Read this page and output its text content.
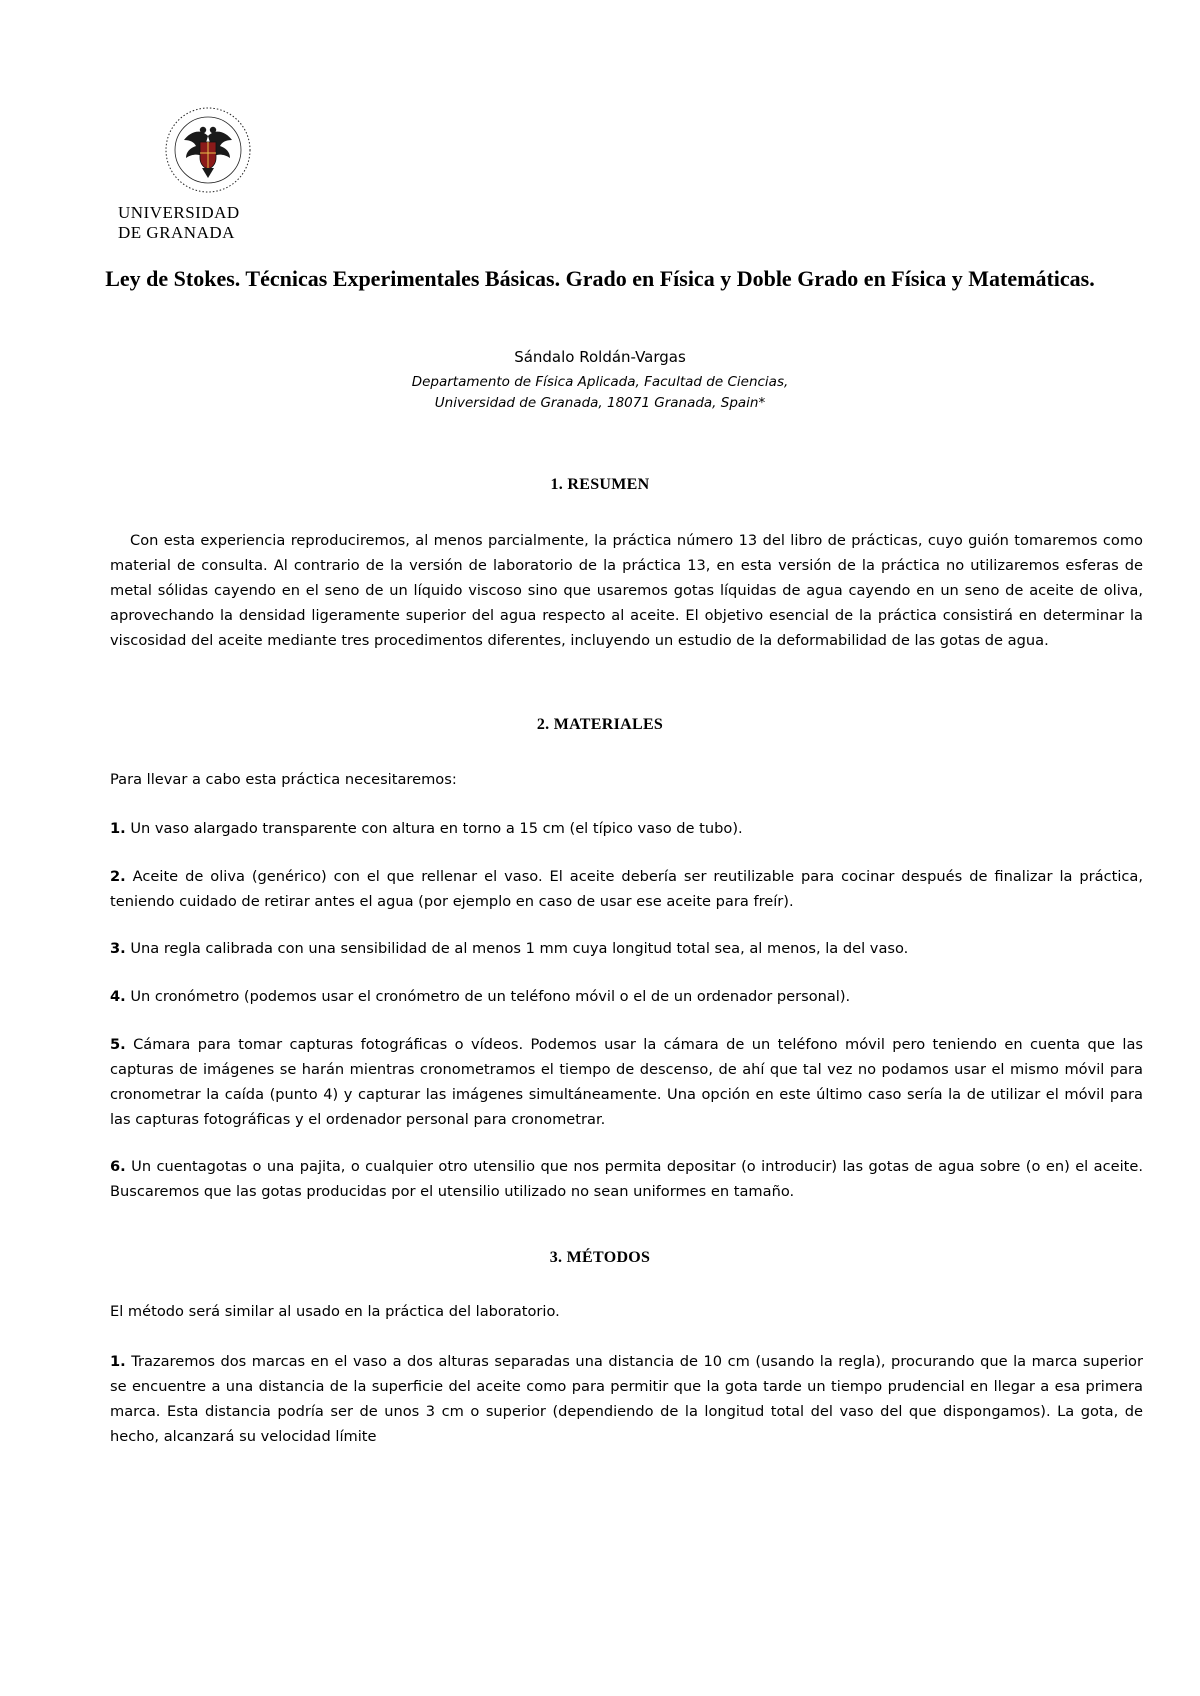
UNIVERSIDAD
DE GRANADA
Ley de Stokes. Técnicas Experimentales Básicas. Grado en Física y Doble Grado en Física y Matemáticas.
Sándalo Roldán-Vargas
Departamento de Física Aplicada, Facultad de Ciencias,
Universidad de Granada, 18071 Granada, Spain*
1. RESUMEN

Con esta experiencia reproduciremos, al menos parcialmente, la práctica número 13 del libro de prácticas, cuyo guión tomaremos como material de consulta. Al contrario de la versión de laboratorio de la práctica 13, en esta versión de la práctica no utilizaremos esferas de metal sólidas cayendo en el seno de un líquido viscoso sino que usaremos gotas líquidas de agua cayendo en un seno de aceite de oliva, aprovechando la densidad ligeramente superior del agua respecto al aceite. El objetivo esencial de la práctica consistirá en determinar la viscosidad del aceite mediante tres procedimentos diferentes, incluyendo un estudio de la deformabilidad de las gotas de agua.

2. MATERIALES

Para llevar a cabo esta práctica necesitaremos:

1. Un vaso alargado transparente con altura en torno a 15 cm (el típico vaso de tubo).

2. Aceite de oliva (genérico) con el que rellenar el vaso. El aceite debería ser reutilizable para cocinar después de finalizar la práctica, teniendo cuidado de retirar antes el agua (por ejemplo en caso de usar ese aceite para freír).

3. Una regla calibrada con una sensibilidad de al menos 1 mm cuya longitud total sea, al menos, la del vaso.

4. Un cronómetro (podemos usar el cronómetro de un teléfono móvil o el de un ordenador personal).

5. Cámara para tomar capturas fotográficas o vídeos. Podemos usar la cámara de un teléfono móvil pero teniendo en cuenta que las capturas de imágenes se harán mientras cronometramos el tiempo de descenso, de ahí que tal vez no podamos usar el mismo móvil para cronometrar la caída (punto 4) y capturar las imágenes simultáneamente. Una opción en este último caso sería la de utilizar el móvil para las capturas fotográficas y el ordenador personal para cronometrar.

6. Un cuentagotas o una pajita, o cualquier otro utensilio que nos permita depositar (o introducir) las gotas de agua sobre (o en) el aceite. Buscaremos que las gotas producidas por el utensilio utilizado no sean uniformes en tamaño.

3. MÉTODOS

El método será similar al usado en la práctica del laboratorio.

1. Trazaremos dos marcas en el vaso a dos alturas separadas una distancia de 10 cm (usando la regla), procurando que la marca superior se encuentre a una distancia de la superficie del aceite como para permitir que la gota tarde un tiempo prudencial en llegar a esa primera marca. Esta distancia podría ser de unos 3 cm o superior (dependiendo de la longitud total del vaso del que dispongamos). La gota, de hecho, alcanzará su velocidad límite
